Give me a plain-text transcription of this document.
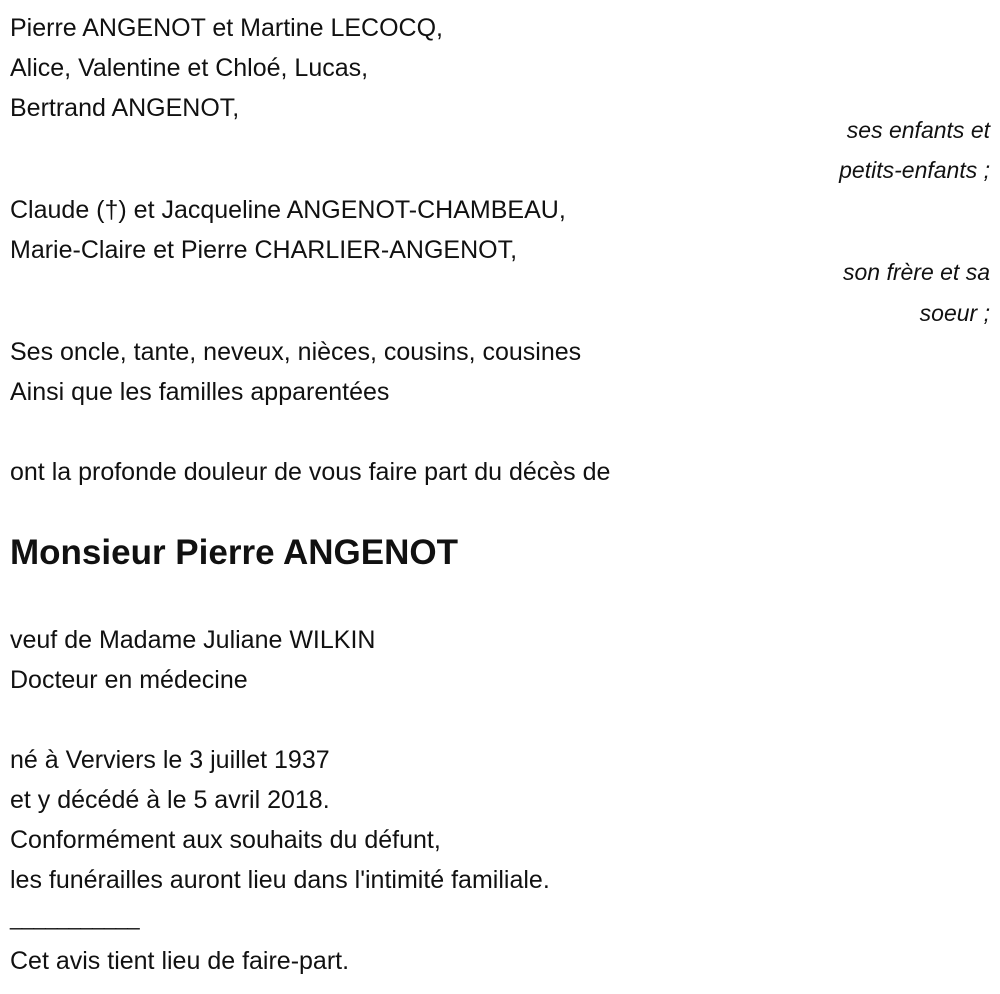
Pierre ANGENOT et Martine LECOCQ,
Alice, Valentine et Chloé, Lucas,
Bertrand ANGENOT,
ses enfants et
petits-enfants ;
Claude (†) et Jacqueline ANGENOT-CHAMBEAU,
Marie-Claire et Pierre CHARLIER-ANGENOT,
son frère et sa
soeur ;
Ses oncle, tante, neveux, nièces, cousins, cousines
Ainsi que les familles apparentées
ont la profonde douleur de vous faire part du décès de
Monsieur Pierre ANGENOT
veuf de Madame Juliane WILKIN
Docteur en médecine
né à Verviers le 3 juillet 1937
et y décédé à le 5 avril 2018.
Conformément aux souhaits du défunt,
les funérailles auront lieu dans l'intimité familiale.
___________
Cet avis tient lieu de faire-part.
